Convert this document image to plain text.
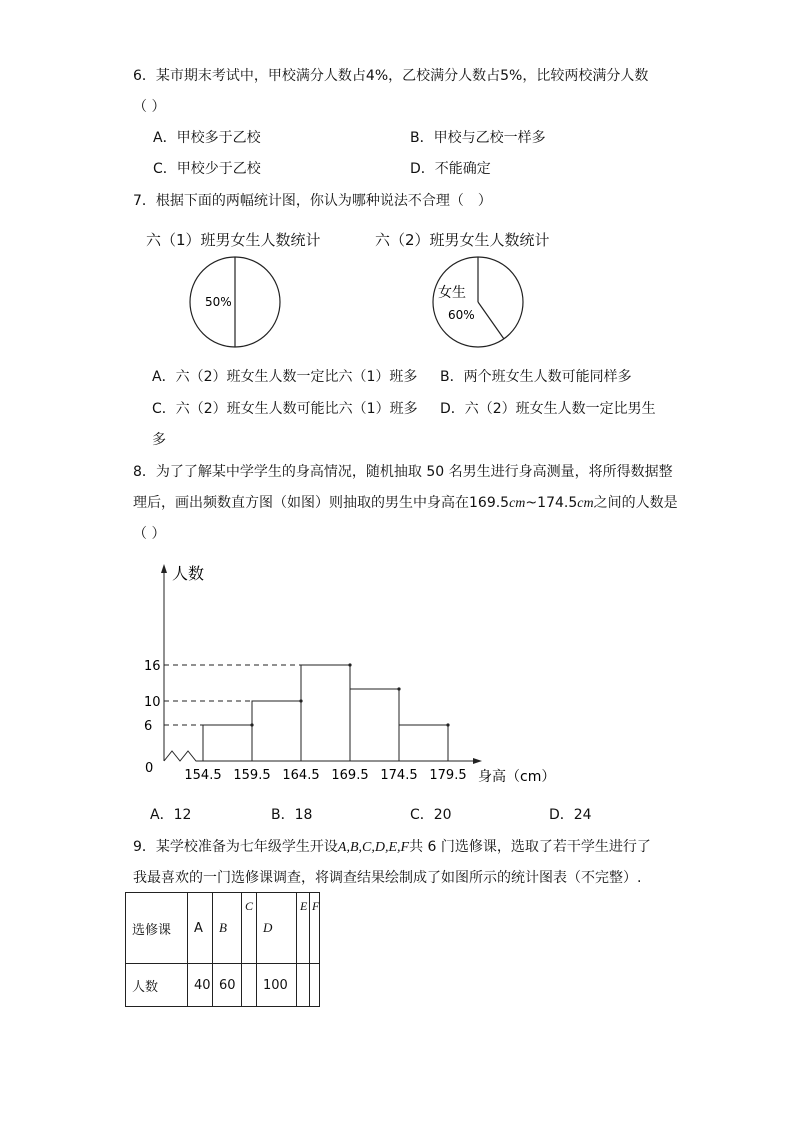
6．某市期末考试中，甲校满分人数占4%，乙校满分人数占5%，比较两校满分人数
（ ）
A．甲校多于乙校	B．甲校与乙校一样多
C．甲校少于乙校	D．不能确定
7．根据下面的两幅统计图，你认为哪种说法不合理（　）
六（1）班男女生人数统计	六（2）班男女生人数统计
50%
女生
60%
A．六（2）班女生人数一定比六（1）班多 B．两个班女生人数可能同样多
C．六（2）班女生人数可能比六（1）班多 D．六（2）班女生人数一定比男生
多
8．为了了解某中学学生的身高情况，随机抽取 50 名男生进行身高测量，将所得数据整
理后，画出频数直方图（如图）则抽取的男生中身高在169.5cm~174.5cm之间的人数是
（ ）
人数
身高（cm）
0
6
10
16
154.5 159.5 164.5 169.5 174.5 179.5
A．12	B．18	C．20	D．24
9．某学校准备为七年级学生开设A,B,C,D,E,F共 6 门选修课，选取了若干学生进行了
我最喜欢的一门选修课调查，将调查结果绘制成了如图所示的统计图表（不完整）.
选修课	A	B	C	D	E	F
人数	40	60		100		
